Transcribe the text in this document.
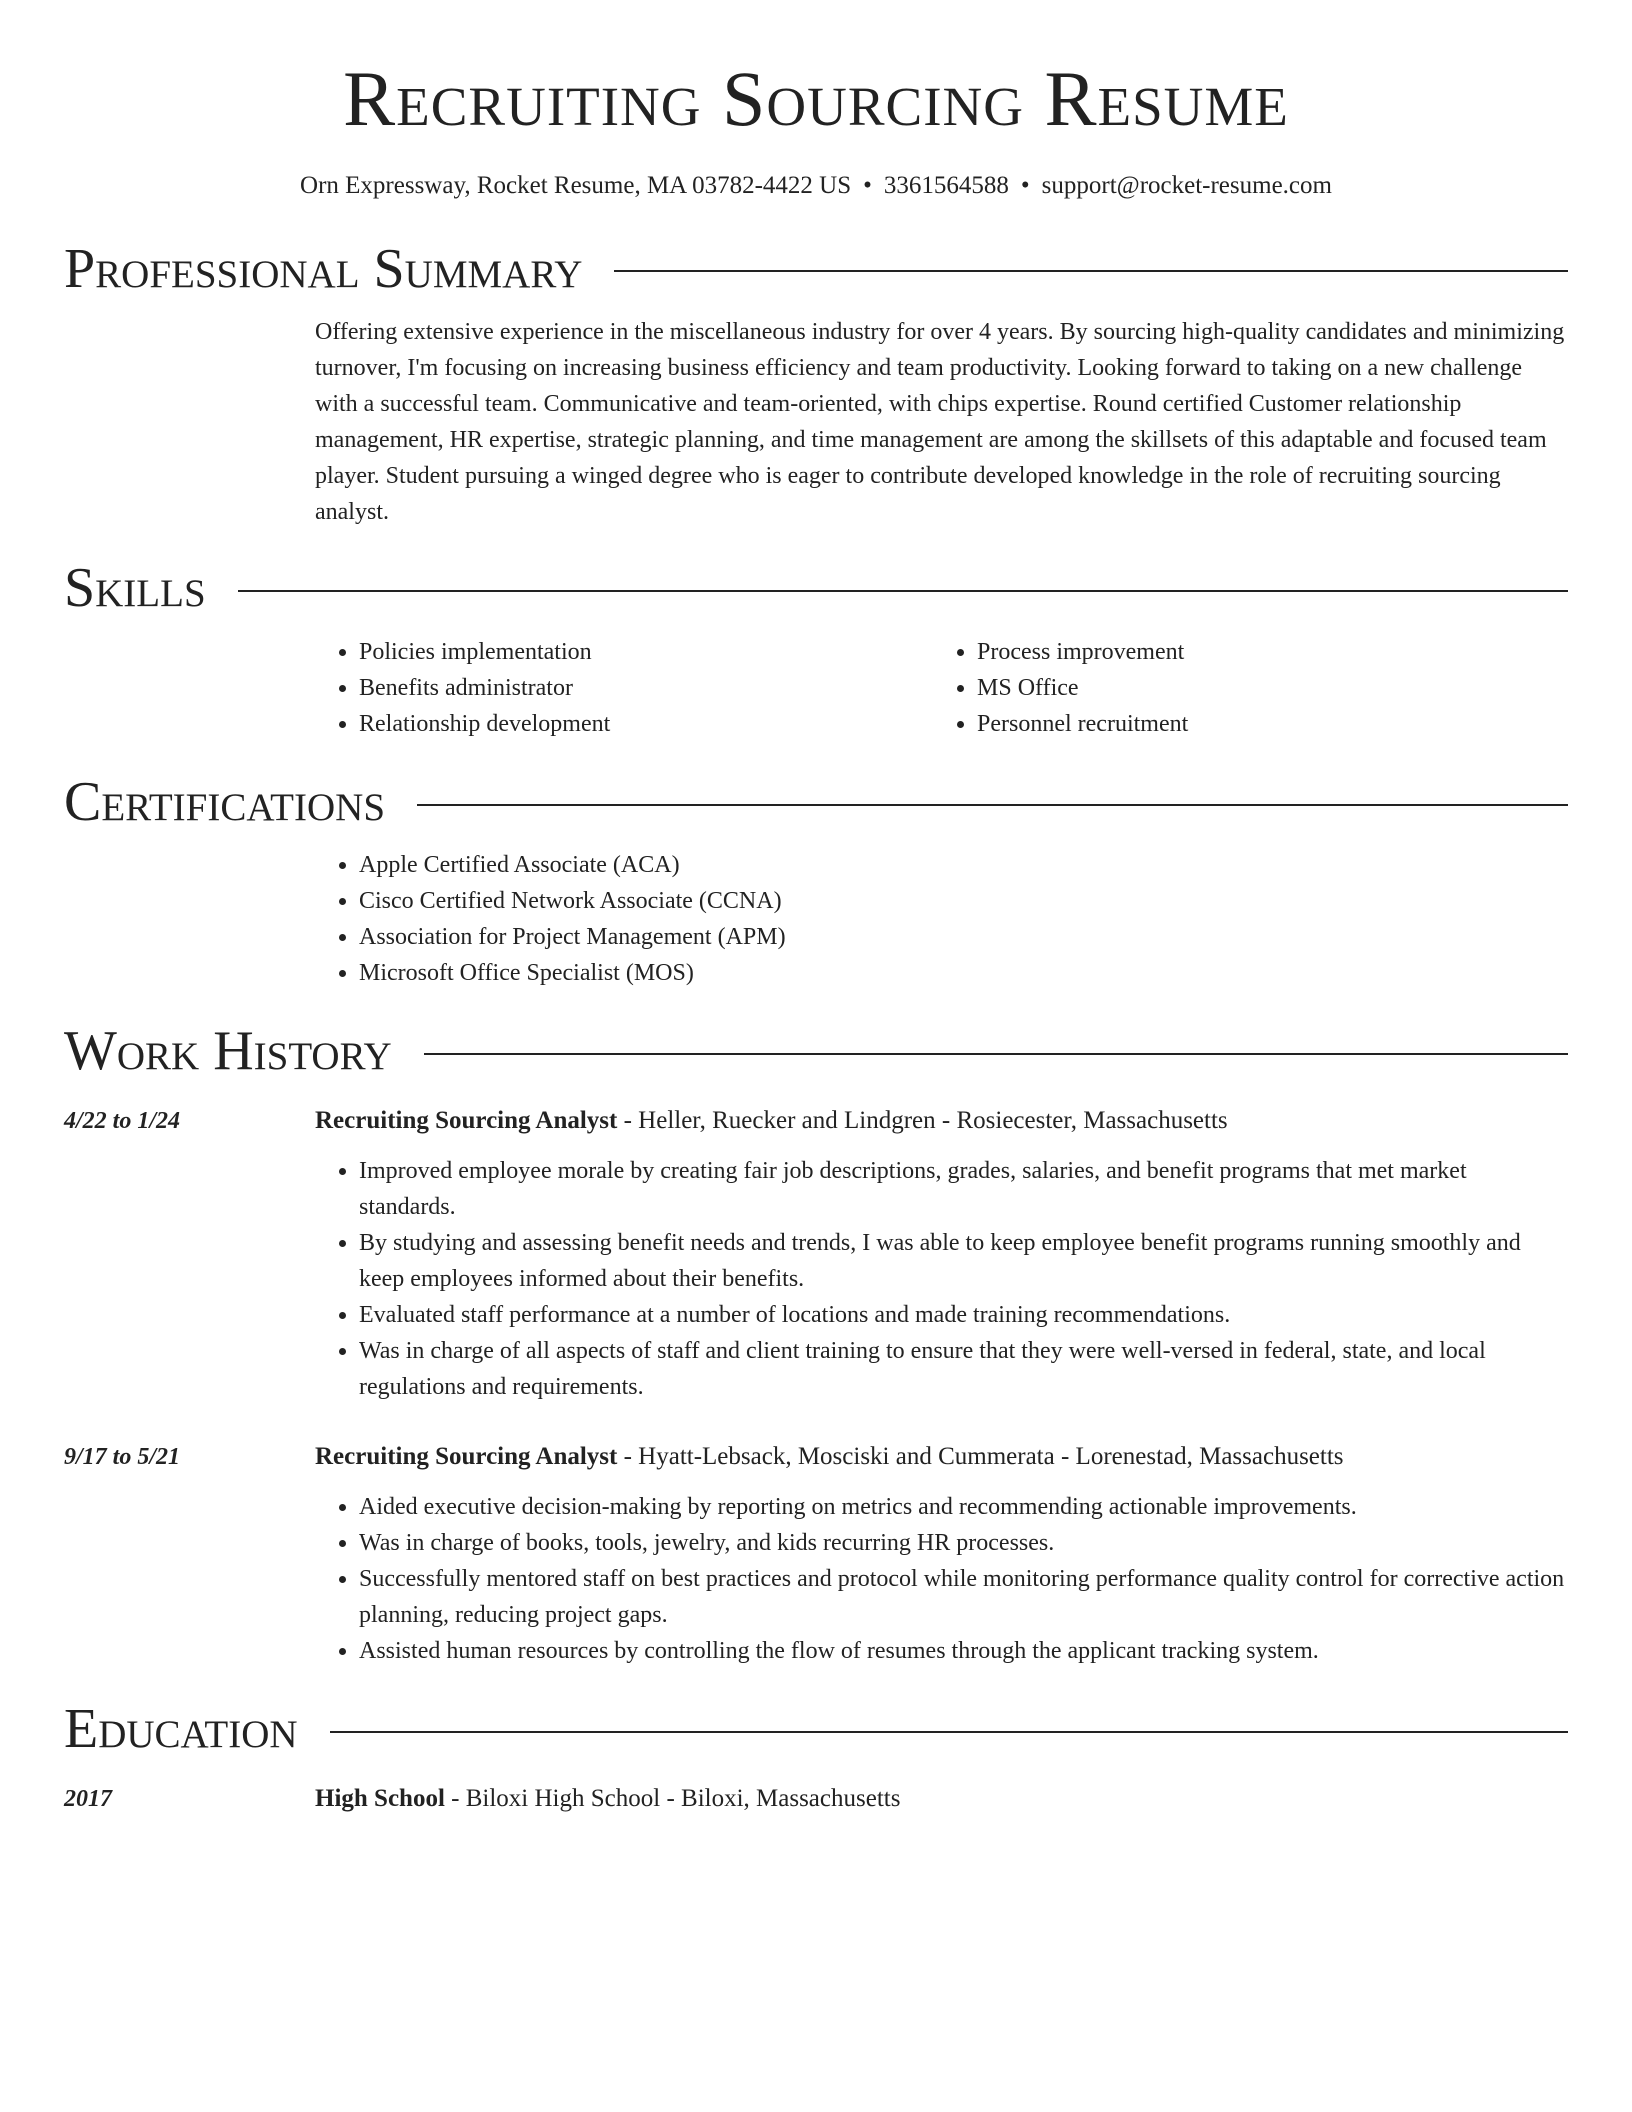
Recruiting Sourcing Resume
Orn Expressway, Rocket Resume, MA 03782-4422 US • 3361564588 • support@rocket-resume.com
Professional Summary
Offering extensive experience in the miscellaneous industry for over 4 years. By sourcing high-quality candidates and minimizing turnover, I'm focusing on increasing business efficiency and team productivity. Looking forward to taking on a new challenge with a successful team. Communicative and team-oriented, with chips expertise. Round certified Customer relationship management, HR expertise, strategic planning, and time management are among the skillsets of this adaptable and focused team player. Student pursuing a winged degree who is eager to contribute developed knowledge in the role of recruiting sourcing analyst.
Skills
• Policies implementation
• Benefits administrator
• Relationship development
• Process improvement
• MS Office
• Personnel recruitment
Certifications
• Apple Certified Associate (ACA)
• Cisco Certified Network Associate (CCNA)
• Association for Project Management (APM)
• Microsoft Office Specialist (MOS)
Work History
4/22 to 1/24	Recruiting Sourcing Analyst - Heller, Ruecker and Lindgren - Rosiecester, Massachusetts
• Improved employee morale by creating fair job descriptions, grades, salaries, and benefit programs that met market standards.
• By studying and assessing benefit needs and trends, I was able to keep employee benefit programs running smoothly and keep employees informed about their benefits.
• Evaluated staff performance at a number of locations and made training recommendations.
• Was in charge of all aspects of staff and client training to ensure that they were well-versed in federal, state, and local regulations and requirements.
9/17 to 5/21	Recruiting Sourcing Analyst - Hyatt-Lebsack, Mosciski and Cummerata - Lorenestad, Massachusetts
• Aided executive decision-making by reporting on metrics and recommending actionable improvements.
• Was in charge of books, tools, jewelry, and kids recurring HR processes.
• Successfully mentored staff on best practices and protocol while monitoring performance quality control for corrective action planning, reducing project gaps.
• Assisted human resources by controlling the flow of resumes through the applicant tracking system.
Education
2017	High School - Biloxi High School - Biloxi, Massachusetts
